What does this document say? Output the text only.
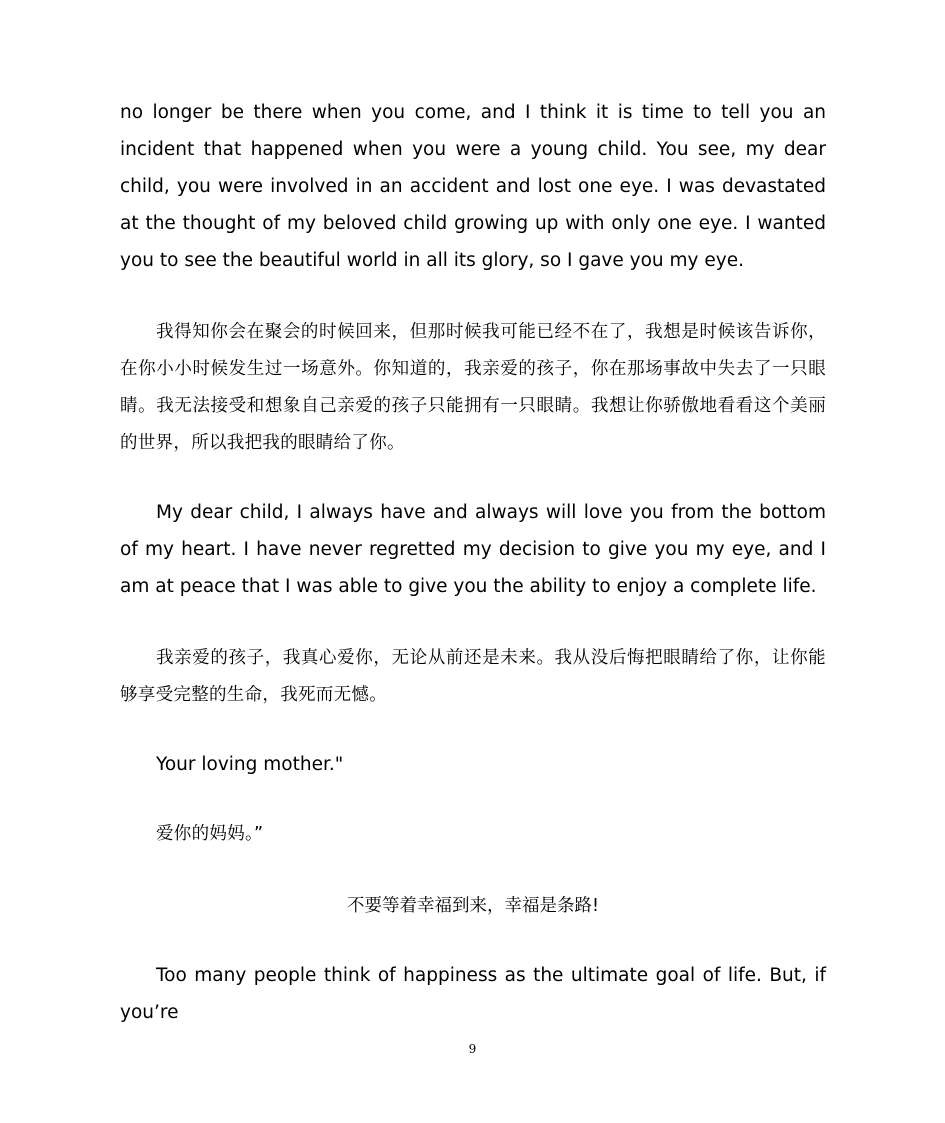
no longer be there when you come, and I think it is time to tell you an incident that happened when you were a young child. You see, my dear child, you were involved in an accident and lost one eye. I was devastated at the thought of my beloved child growing up with only one eye. I wanted you to see the beautiful world in all its glory, so I gave you my eye.

我得知你会在聚会的时候回来，但那时候我可能已经不在了，我想是时候该告诉你，在你小小时候发生过一场意外。你知道的，我亲爱的孩子，你在那场事故中失去了一只眼睛。我无法接受和想象自己亲爱的孩子只能拥有一只眼睛。我想让你骄傲地看看这个美丽的世界，所以我把我的眼睛给了你。

My dear child, I always have and always will love you from the bottom of my heart. I have never regretted my decision to give you my eye, and I am at peace that I was able to give you the ability to enjoy a complete life.

我亲爱的孩子，我真心爱你，无论从前还是未来。我从没后悔把眼睛给了你，让你能够享受完整的生命，我死而无憾。

Your loving mother."

爱你的妈妈。”

不要等着幸福到来，幸福是条路!

Too many people think of happiness as the ultimate goal of life. But, if you’re

9
